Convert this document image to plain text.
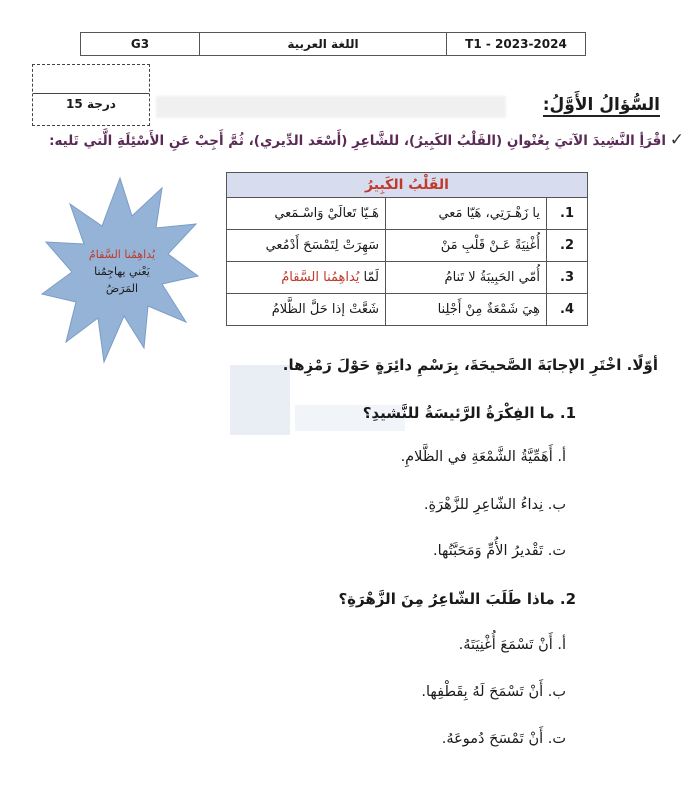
G3	اللغة العربية	T1 - 2023-2024
15 درجة	السُّؤالُ الأَوَّلُ:
✓
اقْرَأِ النَّشِيدَ الآتيَ بِعُنْوانِ (القَلْبُ الكَبِيرُ)، للشَّاعِرِ (أَسْعَد الدِّيري)، ثُمَّ أَجِبْ عَنِ الأَسْئِلَةِ الَّتي تَليه:
القَلْبُ الكَبِيرُ		
1.	يا زَهْـرَتِي، هَيّا مَعي	هَـيّا تَعالَيْ وَاسْـمَعي
2.	أُغْنِيَةً عَـنْ قَلْبِ مَنْ	سَهِرَتْ لِتَمْسَحَ أَدْمُعي
3.	أُمّي الحَبِيبَةُ لا تَنامُ	لَمّا يُداهِمُنا السَّقامُ
4.	هِيَ شَمْعَةٌ مِنْ أَجْلِنا	شَعَّتْ إذا حَلَّ الظَّلامُ
يُداهِمُنا السَّقامُ
يَعْني يهاجِمُنا
المَرَضُ
أوّلًا. اخْتَرِ الإجابَةَ الصَّحيحَةَ، بِرَسْمِ دائِرَةٍ حَوْلَ رَمْزِها.
1. ما الفِكْرَةُ الرَّئيسَةُ للنَّشيدِ؟
أ. أَهَمِّيَّةُ الشَّمْعَةِ في الظَّلامِ.
ب. نِداءُ الشّاعِرِ للزَّهْرَةِ.
ت. تَقْديرُ الأُمِّ وَمَحَبَّتُها.
2. ماذا طَلَبَ الشّاعِرُ مِنَ الزَّهْرَةِ؟
أ. أَنْ تَسْمَعَ أُغْنِيَتَهُ.
ب. أَنْ تَسْمَحَ لَهُ بِقَطْفِها.
ت. أَنْ تَمْسَحَ دُموعَهُ.
